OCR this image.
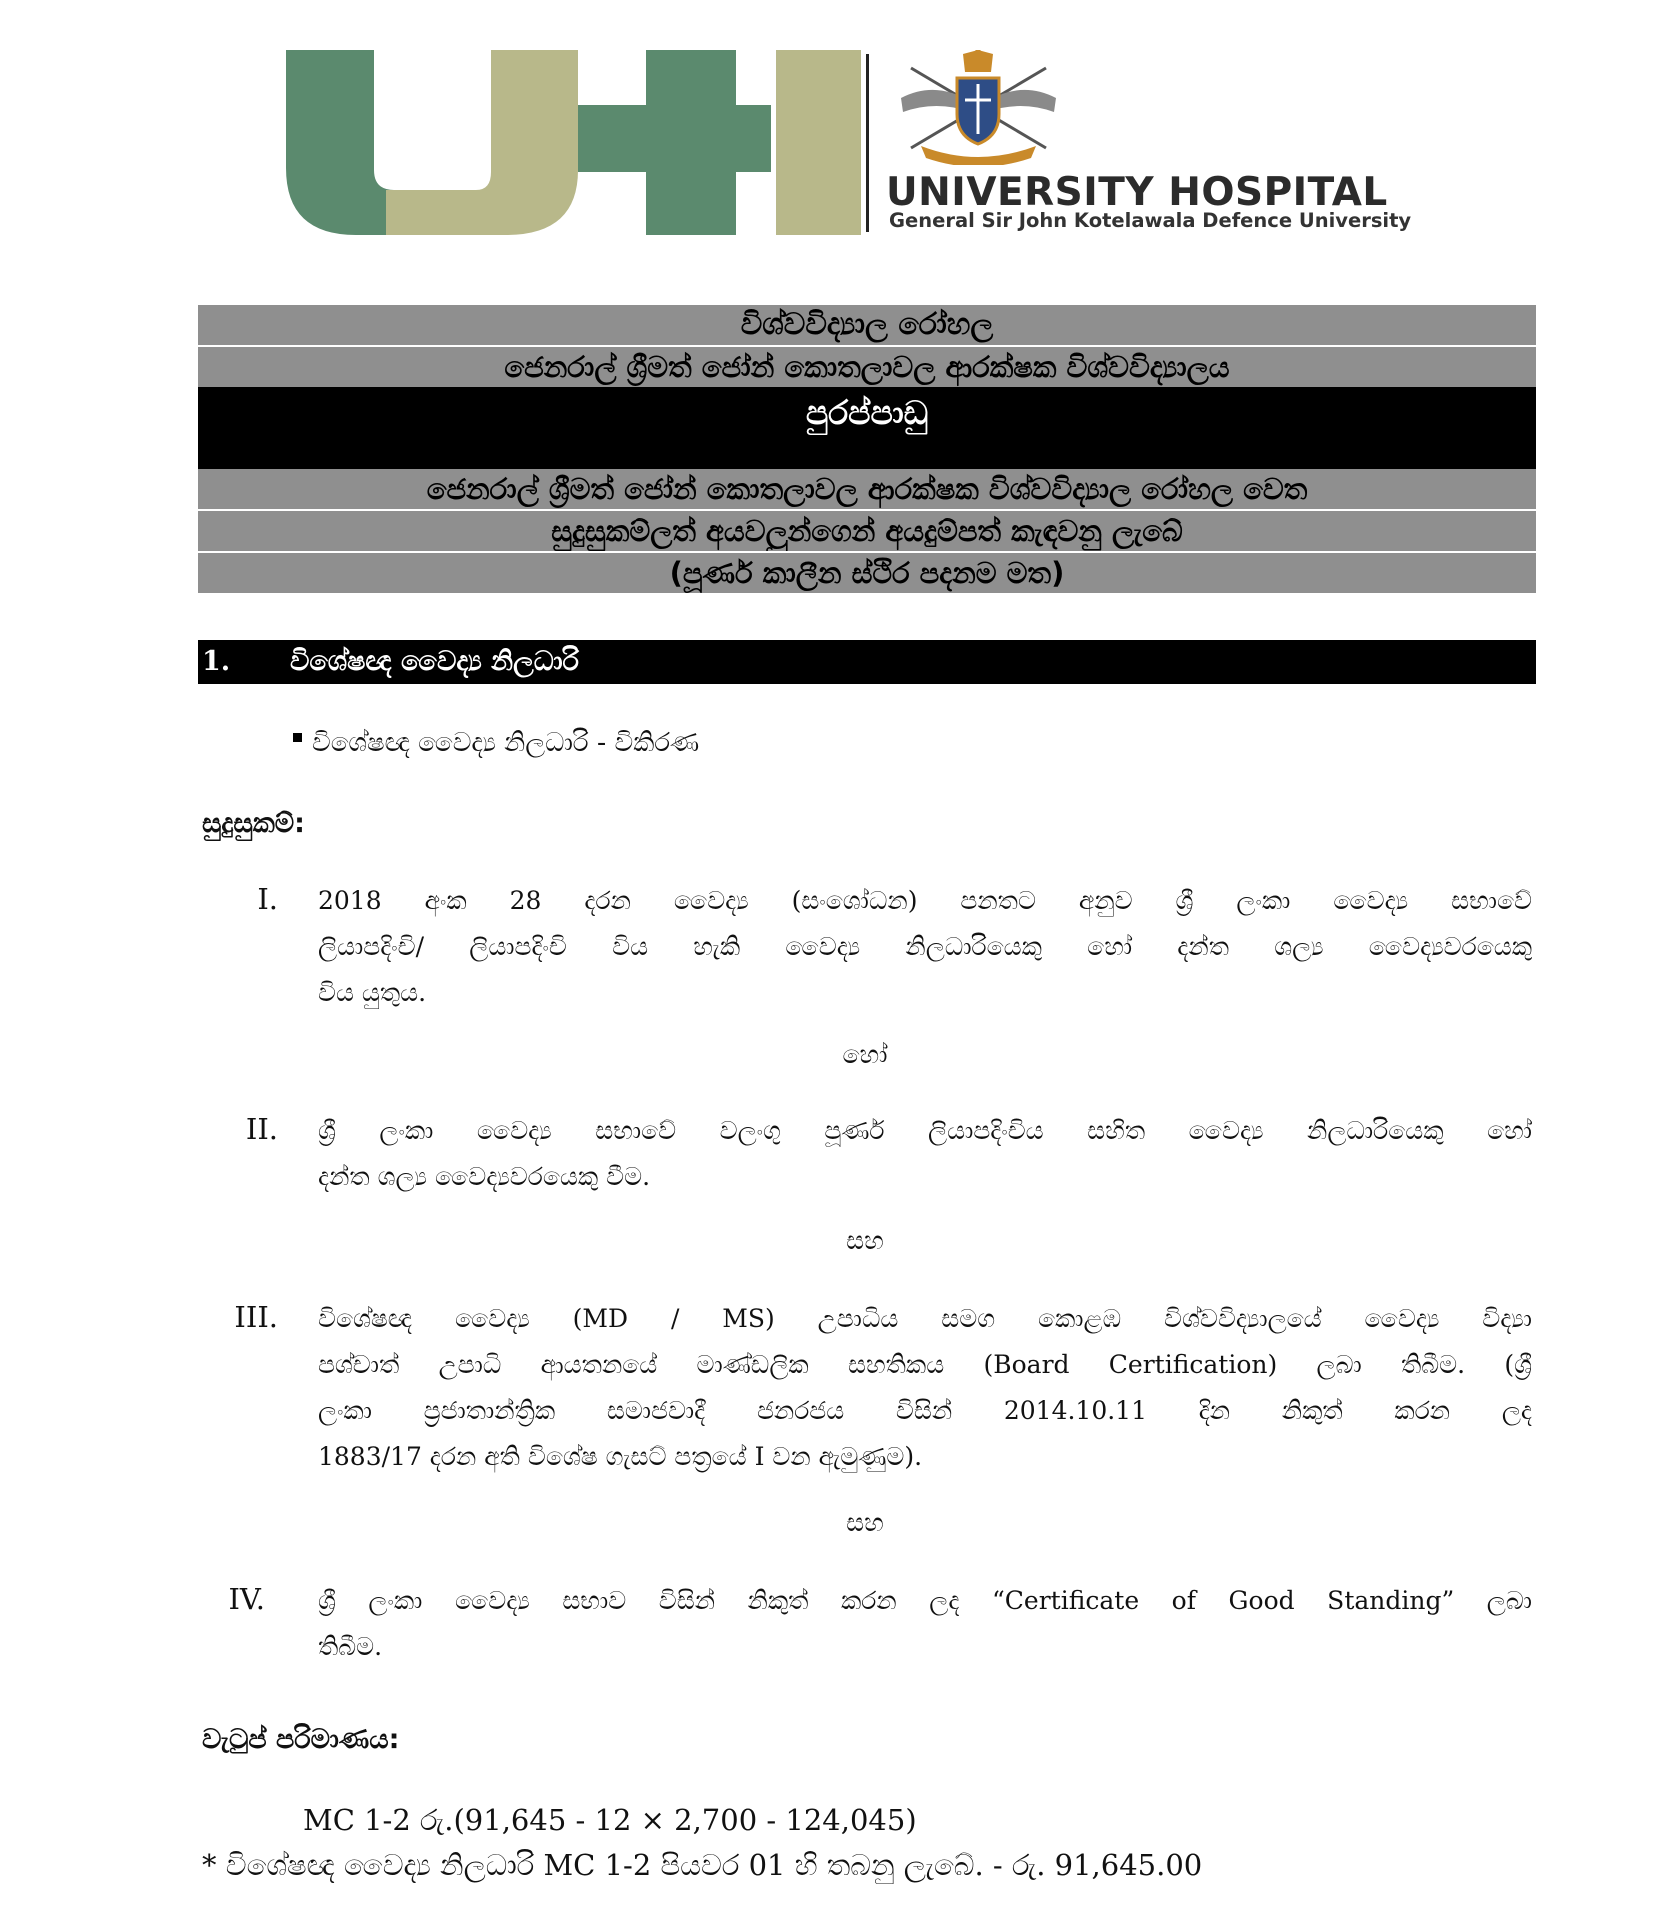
UNIVERSITY HOSPITAL
General Sir John Kotelawala Defence University
විශ්වවිද්‍යාල රෝහල
ජෙනරාල් ශ්‍රීමත් ජෝන් කොතලාවල ආරක්ෂක විශ්වවිද්‍යාලය
පුරප්පාඩු
ජෙනරාල් ශ්‍රීමත් ජෝන් කොතලාවල ආරක්ෂක විශ්වවිද්‍යාල රෝහල වෙත
සුදුසුකම්ලත් අයවලුන්ගෙන් අයදුම්පත් කැඳවනු ලැබේ
(පූර්ණ කාලීන ස්ථිර පදනම මත)
1. විශේෂඥ වෛද්‍ය නිලධාරි
විශේෂඥ වෛද්‍ය නිලධාරි - විකිරණ
සුදුසුකම්:
I. 2018 අංක 28 දරන වෛද්‍ය (සංශෝධන) පනතට අනුව ශ්‍රී ලංකා වෛද්‍ය සභාවේ
ලියාපදිංචි/ ලියාපදිංචි විය හැකි වෛද්‍ය නිලධාරියෙකු හෝ දන්ත ශල්‍ය වෛද්‍යවරයෙකු
විය යුතුය.
හෝ
II. ශ්‍රී ලංකා වෛද්‍ය සභාවේ වලංගු පූර්ණ ලියාපදිංචිය සහිත වෛද්‍ය නිලධාරියෙකු හෝ
දන්ත ශල්‍ය වෛද්‍යවරයෙකු වීම.
සහ
III. විශේෂඥ වෛද්‍ය (MD / MS) උපාධිය සමග කොළඹ විශ්වවිද්‍යාලයේ වෛද්‍ය විද්‍යා
පශ්චාත් උපාධි ආයතනයේ මාණ්ඩලික සහතිකය (Board Certification) ලබා තිබීම. (ශ්‍රී
ලංකා ප්‍රජාතාන්ත්‍රික සමාජවාදී ජනරජය විසින් 2014.10.11 දින නිකුත් කරන ලද
1883/17 දරන අති විශේෂ ගැසට් පත්‍රයේ I වන ඇමුණුම).
සහ
IV. ශ්‍රී ලංකා වෛද්‍ය සභාව විසින් නිකුත් කරන ලද “Certificate of Good Standing” ලබා
තිබීම.
වැටුප් පරිමාණය:
MC 1-2 රු.(91,645 - 12 × 2,700 - 124,045)
* විශේෂඥ වෛද්‍ය නිලධාරි MC 1-2 පියවර 01 හි තබනු ලැබේ. - රු. 91,645.00
